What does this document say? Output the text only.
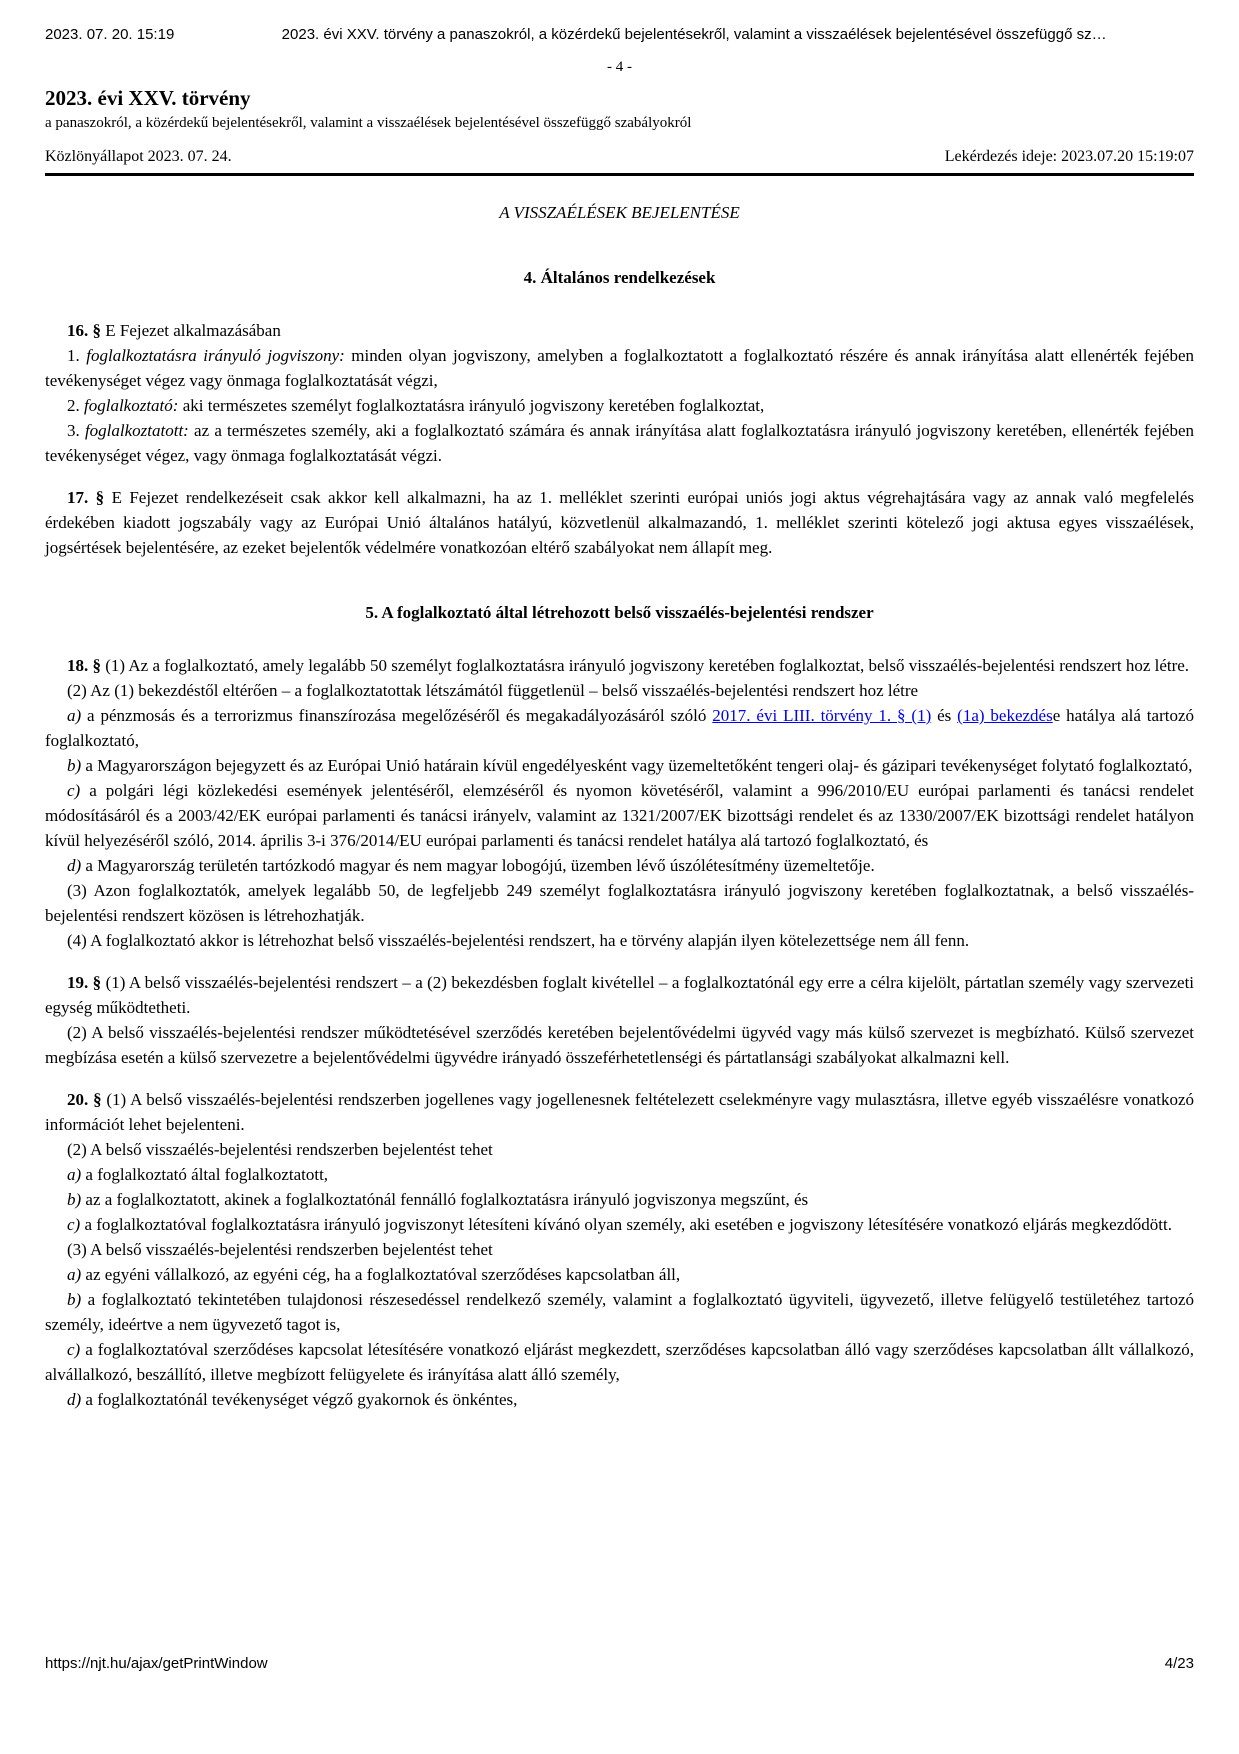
2023. 07. 20. 15:19	2023. évi XXV. törvény a panaszokról, a közérdekű bejelentésekről, valamint a visszaélések bejelentésével összefüggő sz…
- 4 -
2023. évi XXV. törvény
a panaszokról, a közérdekű bejelentésekről, valamint a visszaélések bejelentésével összefüggő szabályokról
Közlönyállapot 2023. 07. 24.	Lekérdezés ideje: 2023.07.20 15:19:07
A VISSZAÉLÉSEK BEJELENTÉSE
4. Általános rendelkezések

16. § E Fejezet alkalmazásában

1. foglalkoztatásra irányuló jogviszony: minden olyan jogviszony, amelyben a foglalkoztatott a foglalkoztató részére és annak irányítása alatt ellenérték fejében tevékenységet végez vagy önmaga foglalkoztatását végzi,

2. foglalkoztató: aki természetes személyt foglalkoztatásra irányuló jogviszony keretében foglalkoztat,

3. foglalkoztatott: az a természetes személy, aki a foglalkoztató számára és annak irányítása alatt foglalkoztatásra irányuló jogviszony keretében, ellenérték fejében tevékenységet végez, vagy önmaga foglalkoztatását végzi.

17. § E Fejezet rendelkezéseit csak akkor kell alkalmazni, ha az 1. melléklet szerinti európai uniós jogi aktus végrehajtására vagy az annak való megfelelés érdekében kiadott jogszabály vagy az Európai Unió általános hatályú, közvetlenül alkalmazandó, 1. melléklet szerinti kötelező jogi aktusa egyes visszaélések, jogsértések bejelentésére, az ezeket bejelentők védelmére vonatkozóan eltérő szabályokat nem állapít meg.

5. A foglalkoztató által létrehozott belső visszaélés-bejelentési rendszer

18. § (1) Az a foglalkoztató, amely legalább 50 személyt foglalkoztatásra irányuló jogviszony keretében foglalkoztat, belső visszaélés-bejelentési rendszert hoz létre.

(2) Az (1) bekezdéstől eltérően – a foglalkoztatottak létszámától függetlenül – belső visszaélés-bejelentési rendszert hoz létre

a) a pénzmosás és a terrorizmus finanszírozása megelőzéséről és megakadályozásáról szóló 2017. évi LIII. törvény 1. § (1) és (1a) bekezdése hatálya alá tartozó foglalkoztató,

b) a Magyarországon bejegyzett és az Európai Unió határain kívül engedélyesként vagy üzemeltetőként tengeri olaj- és gázipari tevékenységet folytató foglalkoztató,

c) a polgári légi közlekedési események jelentéséről, elemzéséről és nyomon követéséről, valamint a 996/2010/EU európai parlamenti és tanácsi rendelet módosításáról és a 2003/42/EK európai parlamenti és tanácsi irányelv, valamint az 1321/2007/EK bizottsági rendelet és az 1330/2007/EK bizottsági rendelet hatályon kívül helyezéséről szóló, 2014. április 3-i 376/2014/EU európai parlamenti és tanácsi rendelet hatálya alá tartozó foglalkoztató, és

d) a Magyarország területén tartózkodó magyar és nem magyar lobogójú, üzemben lévő úszólétesítmény üzemeltetője.

(3) Azon foglalkoztatók, amelyek legalább 50, de legfeljebb 249 személyt foglalkoztatásra irányuló jogviszony keretében foglalkoztatnak, a belső visszaélés-bejelentési rendszert közösen is létrehozhatják.

(4) A foglalkoztató akkor is létrehozhat belső visszaélés-bejelentési rendszert, ha e törvény alapján ilyen kötelezettsége nem áll fenn.

19. § (1) A belső visszaélés-bejelentési rendszert – a (2) bekezdésben foglalt kivétellel – a foglalkoztatónál egy erre a célra kijelölt, pártatlan személy vagy szervezeti egység működtetheti.

(2) A belső visszaélés-bejelentési rendszer működtetésével szerződés keretében bejelentővédelmi ügyvéd vagy más külső szervezet is megbízható. Külső szervezet megbízása esetén a külső szervezetre a bejelentővédelmi ügyvédre irányadó összeférhetetlenségi és pártatlansági szabályokat alkalmazni kell.

20. § (1) A belső visszaélés-bejelentési rendszerben jogellenes vagy jogellenesnek feltételezett cselekményre vagy mulasztásra, illetve egyéb visszaélésre vonatkozó információt lehet bejelenteni.

(2) A belső visszaélés-bejelentési rendszerben bejelentést tehet

a) a foglalkoztató által foglalkoztatott,

b) az a foglalkoztatott, akinek a foglalkoztatónál fennálló foglalkoztatásra irányuló jogviszonya megszűnt, és

c) a foglalkoztatóval foglalkoztatásra irányuló jogviszonyt létesíteni kívánó olyan személy, aki esetében e jogviszony létesítésére vonatkozó eljárás megkezdődött.

(3) A belső visszaélés-bejelentési rendszerben bejelentést tehet

a) az egyéni vállalkozó, az egyéni cég, ha a foglalkoztatóval szerződéses kapcsolatban áll,

b) a foglalkoztató tekintetében tulajdonosi részesedéssel rendelkező személy, valamint a foglalkoztató ügyviteli, ügyvezető, illetve felügyelő testületéhez tartozó személy, ideértve a nem ügyvezető tagot is,

c) a foglalkoztatóval szerződéses kapcsolat létesítésére vonatkozó eljárást megkezdett, szerződéses kapcsolatban álló vagy szerződéses kapcsolatban állt vállalkozó, alvállalkozó, beszállító, illetve megbízott felügyelete és irányítása alatt álló személy,

d) a foglalkoztatónál tevékenységet végző gyakornok és önkéntes,

https://njt.hu/ajax/getPrintWindow	4/23
